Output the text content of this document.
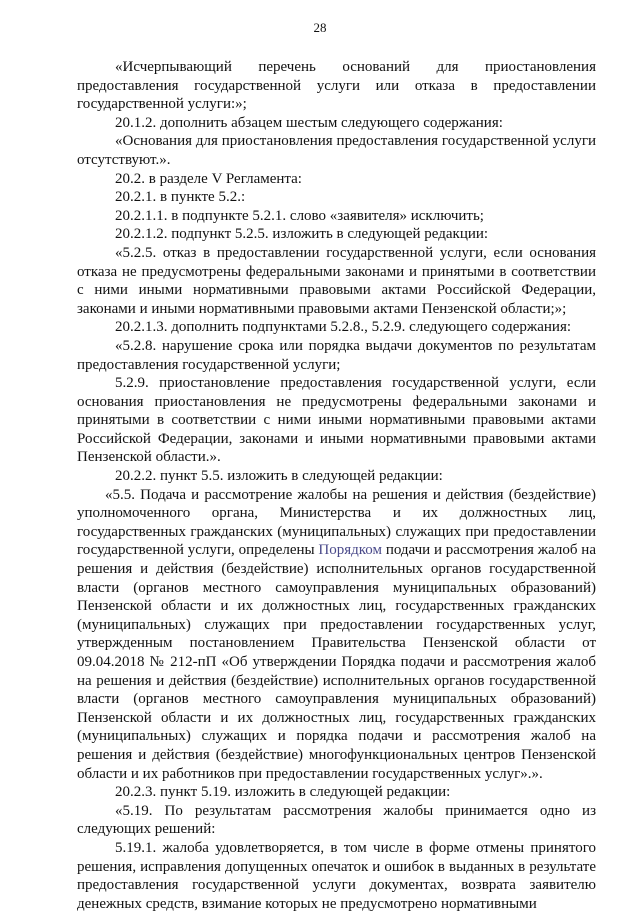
28

«Исчерпывающий перечень оснований для приостановления предоставления государственной услуги или отказа в предоставлении государственной услуги:»;

20.1.2. дополнить абзацем шестым следующего содержания:

«Основания для приостановления предоставления государственной услуги отсутствуют.».

20.2. в разделе V Регламента:

20.2.1. в пункте 5.2.:

20.2.1.1. в подпункте 5.2.1. слово «заявителя» исключить;

20.2.1.2. подпункт 5.2.5. изложить в следующей редакции:

«5.2.5. отказ в предоставлении государственной услуги, если основания отказа не предусмотрены федеральными законами и принятыми в соответствии с ними иными нормативными правовыми актами Российской Федерации, законами и иными нормативными правовыми актами Пензенской области;»;

20.2.1.3. дополнить подпунктами 5.2.8., 5.2.9. следующего содержания:

«5.2.8. нарушение срока или порядка выдачи документов по результатам предоставления государственной услуги;

5.2.9. приостановление предоставления государственной услуги, если основания приостановления не предусмотрены федеральными законами и принятыми в соответствии с ними иными нормативными правовыми актами Российской Федерации, законами и иными нормативными правовыми актами Пензенской области.».

20.2.2. пункт 5.5. изложить в следующей редакции:

«5.5. Подача и рассмотрение жалобы на решения и действия (бездействие) уполномоченного органа, Министерства и их должностных лиц, государственных гражданских (муниципальных) служащих при предоставлении государственной услуги, определены Порядком подачи и рассмотрения жалоб на решения и действия (бездействие) исполнительных органов государственной власти (органов местного самоуправления муниципальных образований) Пензенской области и их должностных лиц, государственных гражданских (муниципальных) служащих при предоставлении государственных услуг, утвержденным постановлением Правительства Пензенской области от 09.04.2018 № 212-пП «Об утверждении Порядка подачи и рассмотрения жалоб на решения и действия (бездействие) исполнительных органов государственной власти (органов местного самоуправления муниципальных образований) Пензенской области и их должностных лиц, государственных гражданских (муниципальных) служащих и порядка подачи и рассмотрения жалоб на решения и действия (бездействие) многофункциональных центров Пензенской области и их работников при предоставлении государственных услуг».».

20.2.3. пункт 5.19. изложить в следующей редакции:

«5.19. По результатам рассмотрения жалобы принимается одно из следующих решений:

5.19.1. жалоба удовлетворяется, в том числе в форме отмены принятого решения, исправления допущенных опечаток и ошибок в выданных в результате предоставления государственной услуги документах, возврата заявителю денежных средств, взимание которых не предусмотрено нормативными
